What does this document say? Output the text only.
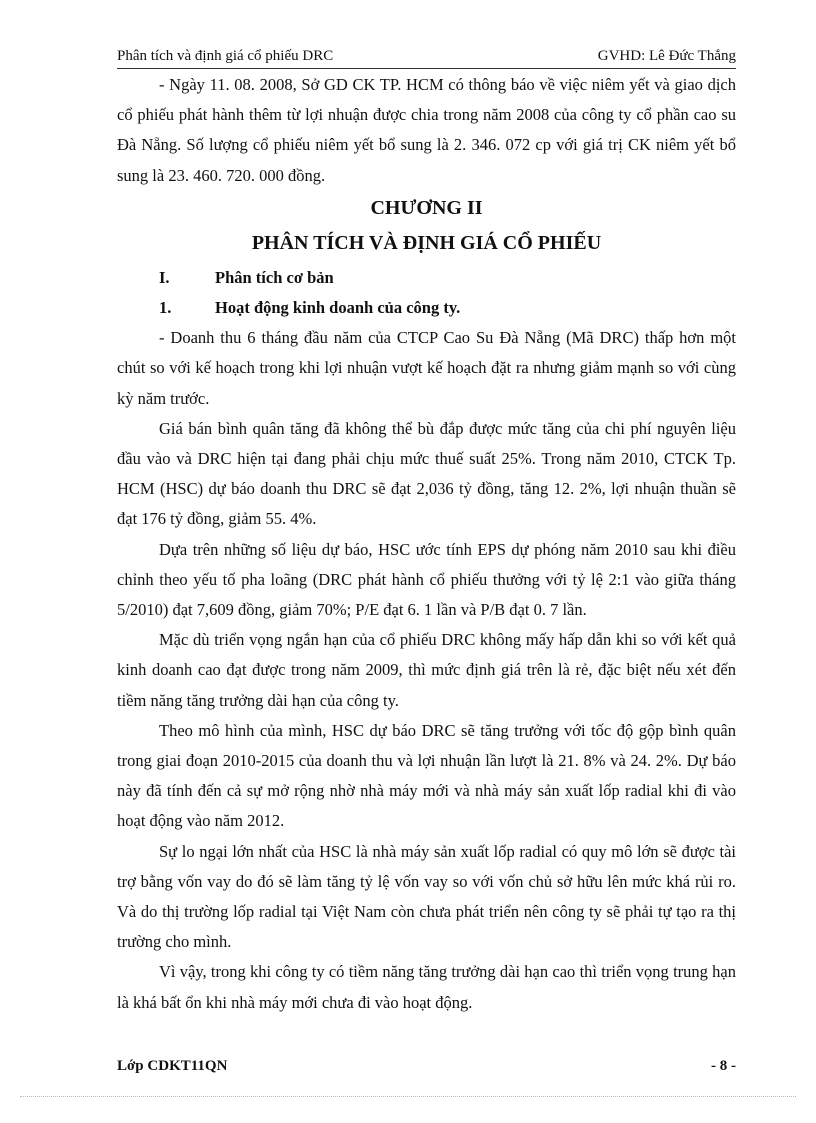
Phân tích và định giá cổ phiếu DRC	GVHD: Lê Đức Thắng

- Ngày 11. 08. 2008, Sở GD CK TP. HCM có thông báo về việc niêm yết và giao dịch cổ phiếu phát hành thêm từ lợi nhuận được chia trong năm 2008 của công ty cổ phần cao su Đà Nẵng. Số lượng cổ phiếu niêm yết bổ sung là 2. 346. 072 cp với giá trị CK niêm yết bổ sung là 23. 460. 720. 000 đồng.

CHƯƠNG II
PHÂN TÍCH VÀ ĐỊNH GIÁ CỔ PHIẾU
I.	Phân tích cơ bản
1.	Hoạt động kinh doanh của công ty.

- Doanh thu 6 tháng đầu năm của CTCP Cao Su Đà Nẵng (Mã DRC) thấp hơn một chút so với kế hoạch trong khi lợi nhuận vượt kế hoạch đặt ra nhưng giảm mạnh so với cùng kỳ năm trước.

Giá bán bình quân tăng đã không thể bù đắp được mức tăng của chi phí nguyên liệu đầu vào và DRC hiện tại đang phải chịu mức thuế suất 25%. Trong năm 2010, CTCK Tp. HCM (HSC) dự báo doanh thu DRC sẽ đạt 2,036 tỷ đồng, tăng 12. 2%, lợi nhuận thuần sẽ đạt 176 tỷ đồng, giảm 55. 4%.

Dựa trên những số liệu dự báo, HSC ước tính EPS dự phóng năm 2010 sau khi điều chỉnh theo yếu tố pha loãng (DRC phát hành cổ phiếu thưởng với tỷ lệ 2:1 vào giữa tháng 5/2010) đạt 7,609 đồng, giảm 70%; P/E đạt 6. 1 lần và P/B đạt 0. 7 lần.

Mặc dù triển vọng ngắn hạn của cổ phiếu DRC không mấy hấp dẫn khi so với kết quả kinh doanh cao đạt được trong năm 2009, thì mức định giá trên là rẻ, đặc biệt nếu xét đến tiềm năng tăng trưởng dài hạn của công ty.

Theo mô hình của mình, HSC dự báo DRC sẽ tăng trưởng với tốc độ gộp bình quân trong giai đoạn 2010-2015 của doanh thu và lợi nhuận lần lượt là 21. 8% và 24. 2%. Dự báo này đã tính đến cả sự mở rộng nhờ nhà máy mới và nhà máy sản xuất lốp radial khi đi vào hoạt động vào năm 2012.

Sự lo ngại lớn nhất của HSC là nhà máy sản xuất lốp radial có quy mô lớn sẽ được tài trợ bằng vốn vay do đó sẽ làm tăng tỷ lệ vốn vay so với vốn chủ sở hữu lên mức khá rủi ro. Và do thị trường lốp radial tại Việt Nam còn chưa phát triển nên công ty sẽ phải tự tạo ra thị trường cho mình.

Vì vậy, trong khi công ty có tiềm năng tăng trưởng dài hạn cao thì triển vọng trung hạn là khá bất ổn khi nhà máy mới chưa đi vào hoạt động.

Lớp CDKT11QN	- 8 -
